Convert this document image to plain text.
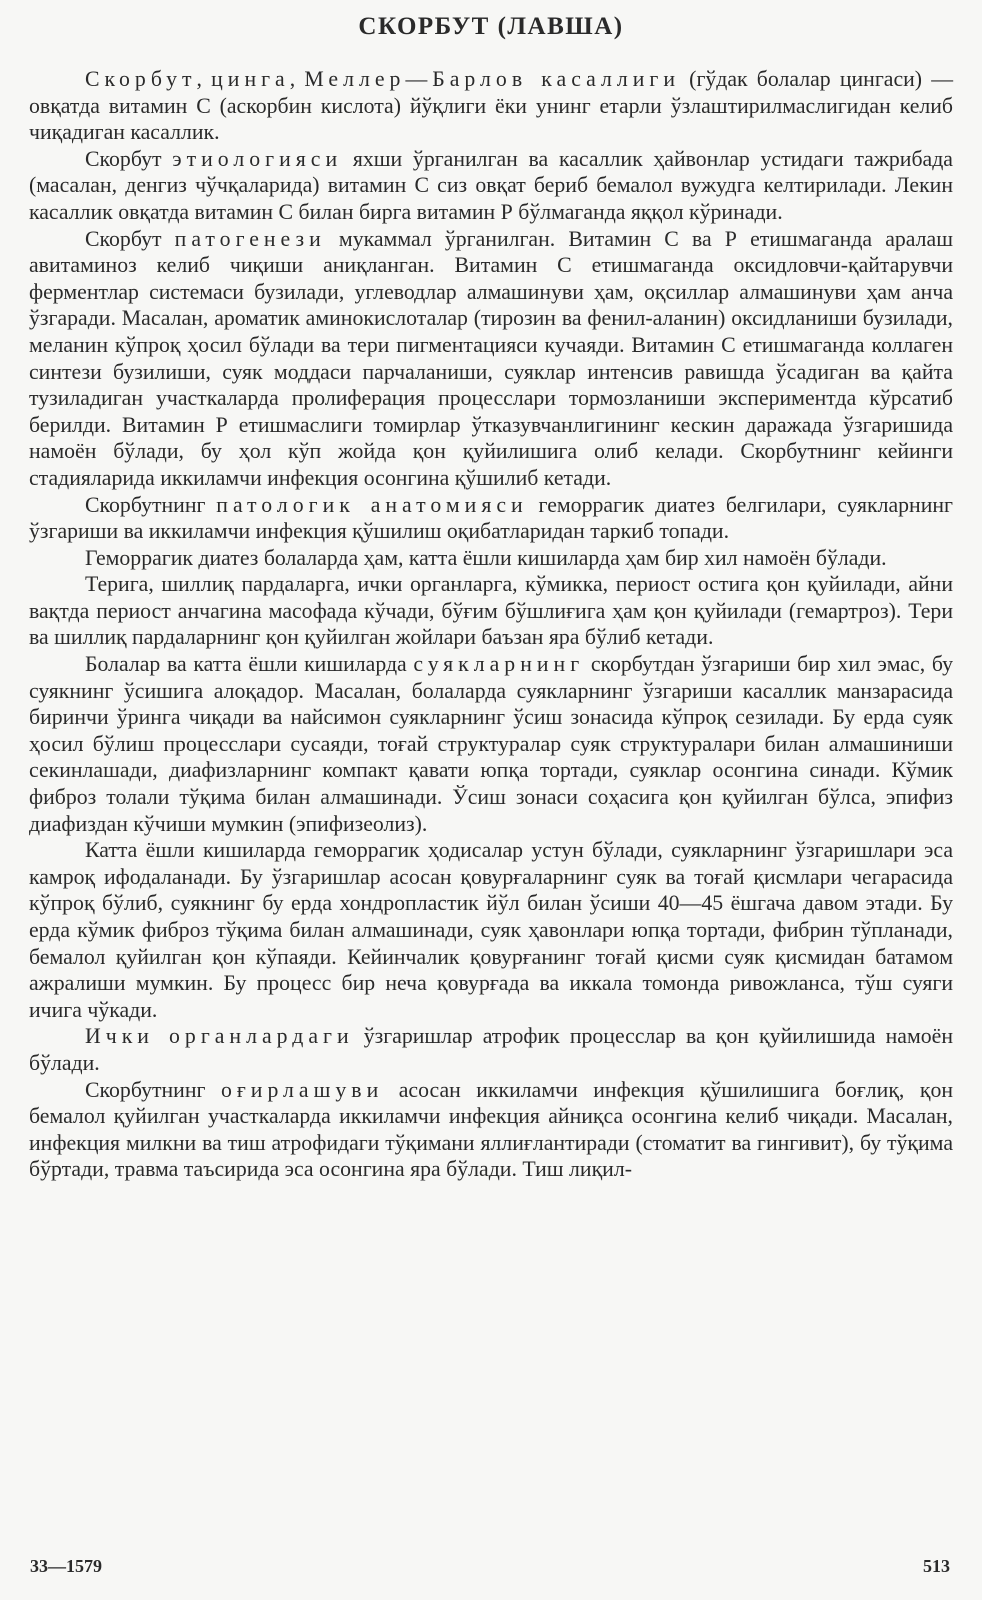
СКОРБУТ (ЛАВША)

Скорбут, цинга, Меллер—Барлов касаллиги (гўдак болалар цингаси) — овқатда витамин С (аскорбин кислота) йўқлиги ёки унинг етарли ўзлаштирилмаслигидан келиб чиқадиган касаллик.

Скорбут этиологияси яхши ўрганилган ва касаллик ҳайвонлар устидаги тажрибада (масалан, денгиз чўчқаларида) витамин С сиз овқат бериб бемалол вужудга келтирилади. Лекин касаллик овқатда витамин С билан бирга витамин Р бўлмаганда яққол кўринади.

Скорбут патогенези мукаммал ўрганилган. Витамин С ва Р етишмаганда аралаш авитаминоз келиб чиқиши аниқланган. Витамин С етишмаганда оксидловчи-қайтарувчи ферментлар системаси бузилади, углеводлар алмашинуви ҳам, оқсиллар алмашинуви ҳам анча ўзгаради. Масалан, ароматик аминокислоталар (тирозин ва фенил-аланин) оксидланиши бузилади, меланин кўпроқ ҳосил бўлади ва тери пигментацияси кучаяди. Витамин С етишмаганда коллаген синтези бузилиши, суяк моддаси парчаланиши, суяклар интенсив равишда ўсадиган ва қайта тузиладиган участкаларда пролиферация процесслари тормозланиши экспериментда кўрсатиб берилди. Витамин Р етишмаслиги томирлар ўтказувчанлигининг кескин даражада ўзгаришида намоён бўлади, бу ҳол кўп жойда қон қуйилишига олиб келади. Скорбутнинг кейинги стадияларида иккиламчи инфекция осонгина қўшилиб кетади.

Скорбутнинг патологик анатомияси геморрагик диатез белгилари, суякларнинг ўзгариши ва иккиламчи инфекция қўшилиш оқибатларидан таркиб топади.

Геморрагик диатез болаларда ҳам, катта ёшли кишиларда ҳам бир хил намоён бўлади.

Терига, шиллиқ пардаларга, ички органларга, кўмикка, периост остига қон қуйилади, айни вақтда периост анчагина масофада кўчади, бўғим бўшлиғига ҳам қон қуйилади (гемартроз). Тери ва шиллиқ пардаларнинг қон қуйилган жойлари баъзан яра бўлиб кетади.

Болалар ва катта ёшли кишиларда суякларнинг скорбутдан ўзгариши бир хил эмас, бу суякнинг ўсишига алоқадор. Масалан, болаларда суякларнинг ўзгариши касаллик манзарасида биринчи ўринга чиқади ва найсимон суякларнинг ўсиш зонасида кўпроқ сезилади. Бу ерда суяк ҳосил бўлиш процесслари сусаяди, тоғай структуралар суяк структуралари билан алмашиниши секинлашади, диафизларнинг компакт қавати юпқа тортади, суяклар осонгина синади. Кўмик фиброз толали тўқима билан алмашинади. Ўсиш зонаси соҳасига қон қуйилган бўлса, эпифиз диафиздан кўчиши мумкин (эпифизеолиз).

Катта ёшли кишиларда геморрагик ҳодисалар устун бўлади, суякларнинг ўзгаришлари эса камроқ ифодаланади. Бу ўзгаришлар асосан қовурғаларнинг суяк ва тоғай қисмлари чегарасида кўпроқ бўлиб, суякнинг бу ерда хондропластик йўл билан ўсиши 40—45 ёшгача давом этади. Бу ерда кўмик фиброз тўқима билан алмашинади, суяк ҳавонлари юпқа тортади, фибрин тўпланади, бемалол қуйилган қон кўпаяди. Кейинчалик қовурғанинг тоғай қисми суяк қисмидан батамом ажралиши мумкин. Бу процесс бир неча қовурғада ва иккала томонда ривожланса, тўш суяги ичига чўкади.

Ички органлардаги ўзгаришлар атрофик процесслар ва қон қуйилишида намоён бўлади.

Скорбутнинг оғирлашуви асосан иккиламчи инфекция қўшилишига боғлиқ, қон бемалол қуйилган участкаларда иккиламчи инфекция айниқса осонгина келиб чиқади. Масалан, инфекция милкни ва тиш атрофидаги тўқимани яллиғлантиради (стоматит ва гингивит), бу тўқима бўртади, травма таъсирида эса осонгина яра бўлади. Тиш лиқил-

33—1579	513
